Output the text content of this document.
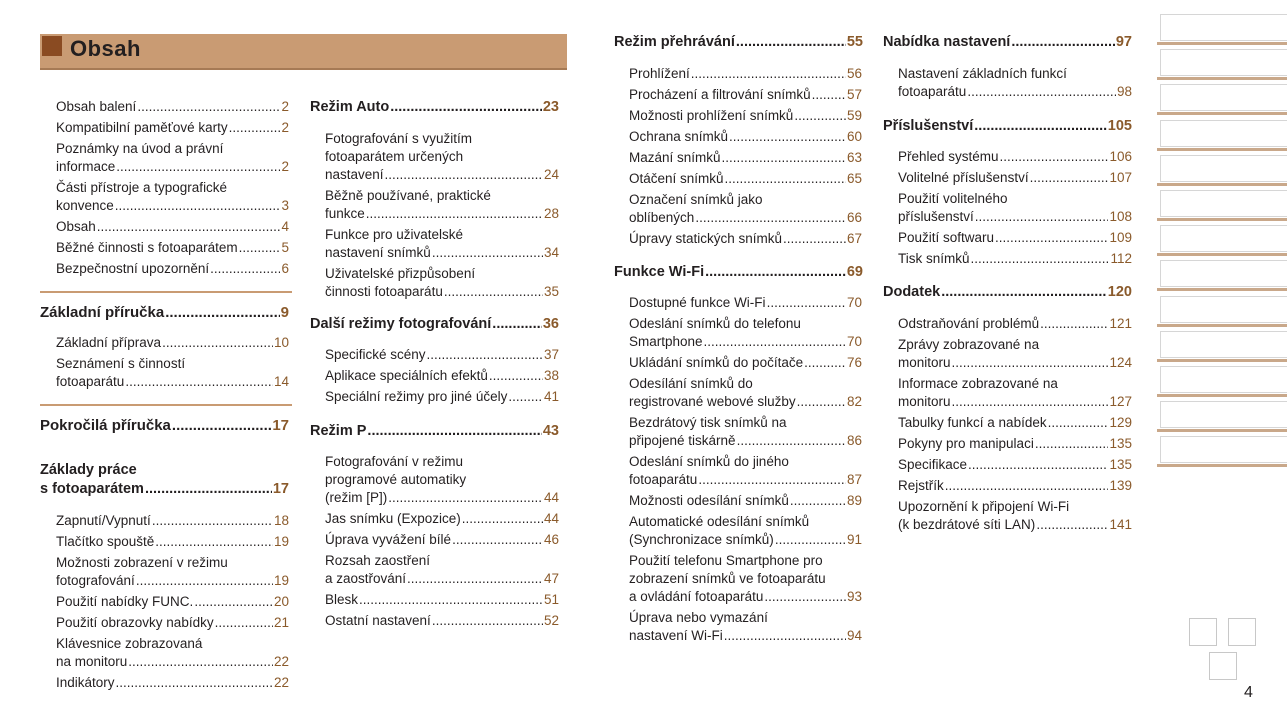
Obsah
Obsah balení .....	2
Kompatibilní paměťové karty .....	2
Poznámky na úvod a právní
informace .....	2
Části přístroje a typografické
konvence .....	3
Obsah .....	4
Běžné činnosti s fotoaparátem .....	5
Bezpečnostní upozornění .....	6
Základní příručka .....	9
Základní příprava .....	10
Seznámení s činností
fotoaparátu .....	14
Pokročilá příručka .....	17
Základy práce
s fotoaparátem .....	17
Zapnutí/Vypnutí .....	18
Tlačítko spouště .....	19
Možnosti zobrazení v režimu
fotografování .....	19
Použití nabídky FUNC. .....	20
Použití obrazovky nabídky .....	21
Klávesnice zobrazovaná
na monitoru .....	22
Indikátory .....	22
Režim Auto .....	23
Fotografování s využitím
fotoaparátem určených
nastavení .....	24
Běžně používané, praktické
funkce .....	28
Funkce pro uživatelské
nastavení snímků .....	34
Uživatelské přizpůsobení
činnosti fotoaparátu .....	35
Další režimy fotografování .....	36
Specifické scény .....	37
Aplikace speciálních efektů .....	38
Speciální režimy pro jiné účely .....	41
Režim P .....	43
Fotografování v režimu
programové automatiky
(režim [P]) .....	44
Jas snímku (Expozice) .....	44
Úprava vyvážení bílé .....	46
Rozsah zaostření
a zaostřování .....	47
Blesk .....	51
Ostatní nastavení .....	52
Režim přehrávání .....	55
Prohlížení .....	56
Procházení a filtrování snímků .....	57
Možnosti prohlížení snímků .....	59
Ochrana snímků .....	60
Mazání snímků .....	63
Otáčení snímků .....	65
Označení snímků jako
oblíbených .....	66
Úpravy statických snímků .....	67
Funkce Wi-Fi .....	69
Dostupné funkce Wi-Fi .....	70
Odeslání snímků do telefonu
Smartphone .....	70
Ukládání snímků do počítače .....	76
Odesílání snímků do
registrované webové služby .....	82
Bezdrátový tisk snímků na
připojené tiskárně .....	86
Odeslání snímků do jiného
fotoaparátu .....	87
Možnosti odesílání snímků .....	89
Automatické odesílání snímků
(Synchronizace snímků) .....	91
Použití telefonu Smartphone pro
zobrazení snímků ve fotoaparátu
a ovládání fotoaparátu .....	93
Úprava nebo vymazání
nastavení Wi-Fi .....	94
Nabídka nastavení .....	97
Nastavení základních funkcí
fotoaparátu .....	98
Příslušenství .....	105
Přehled systému .....	106
Volitelné příslušenství .....	107
Použití volitelného
příslušenství .....	108
Použití softwaru .....	109
Tisk snímků .....	112
Dodatek .....	120
Odstraňování problémů .....	121
Zprávy zobrazované na
monitoru .....	124
Informace zobrazované na
monitoru .....	127
Tabulky funkcí a nabídek .....	129
Pokyny pro manipulaci .....	135
Specifikace .....	135
Rejstřík .....	139
Upozornění k připojení Wi-Fi
(k bezdrátové síti LAN) .....	141
4
